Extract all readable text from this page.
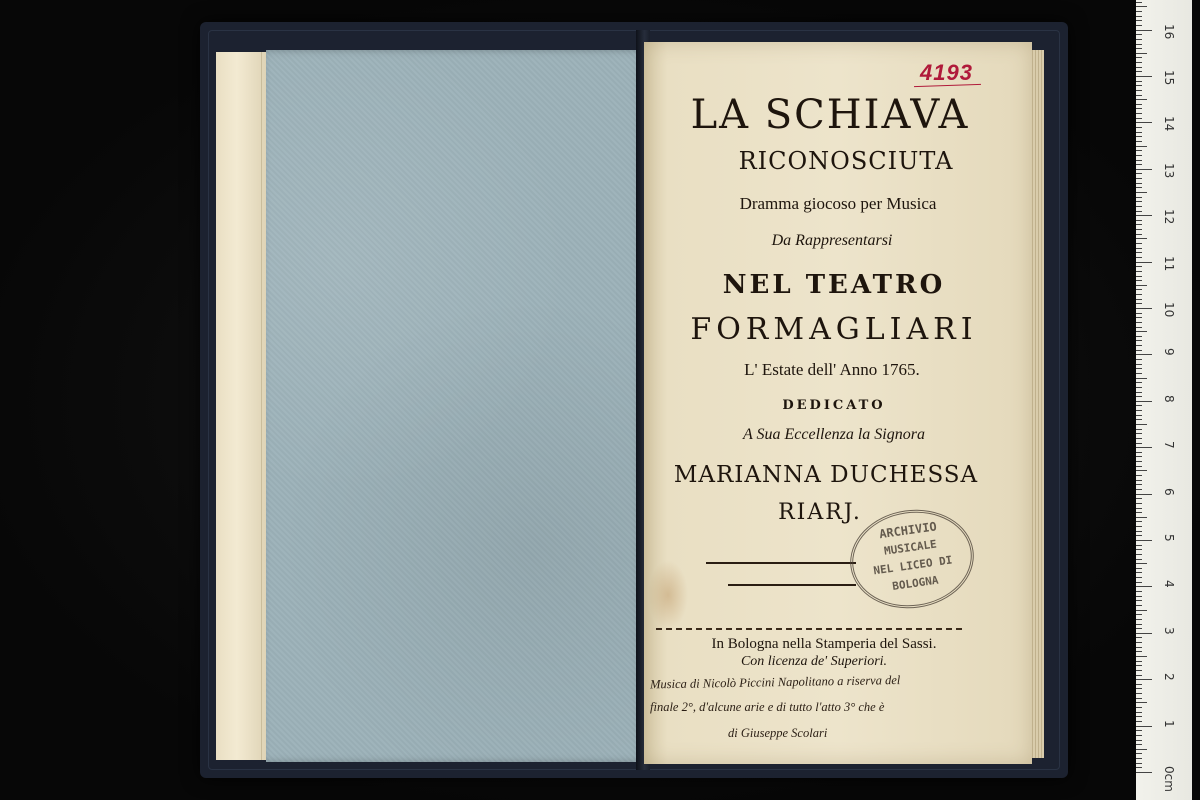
4193
LA SCHIAVA
RICONOSCIUTA
Dramma giocoso per Musica
Da Rappresentarsi
NEL TEATRO
FORMAGLIARI
L' Estate dell' Anno 1765.
DEDICATO
A Sua Eccellenza la Signora
MARIANNA DUCHESSA
RIARJ.
ARCHIVIO
MUSICALE
NEL LICEO DI
BOLOGNA
In Bologna nella Stamperia del Sassi.
Con licenza de' Superiori.
Musica di Nicolò Piccini Napolitano a riserva del
finale 2°, d'alcune arie e di tutto l'atto 3° che è
di Giuseppe Scolari
0cm
1
2
3
4
5
6
7
8
9
10
11
12
13
14
15
16
